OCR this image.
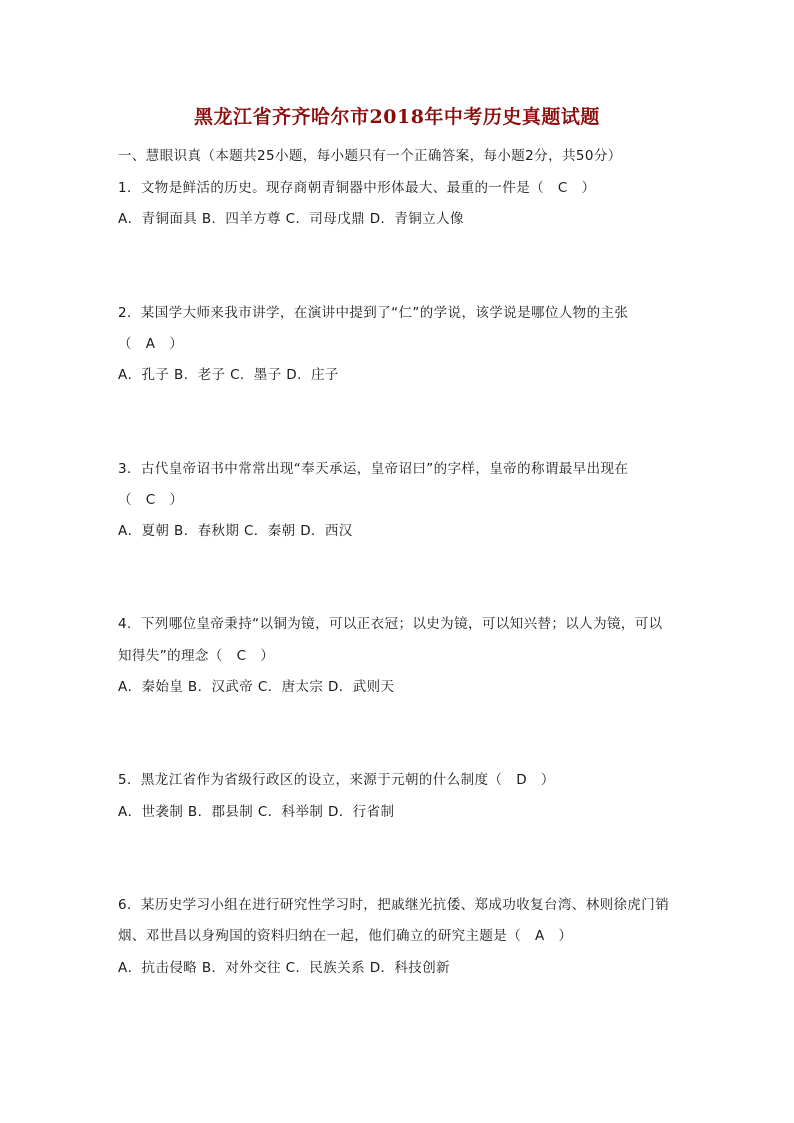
黑龙江省齐齐哈尔市2018年中考历史真题试题
一、慧眼识真（本题共25小题，每小题只有一个正确答案，每小题2分，共50分）
1．文物是鲜活的历史。现存商朝青铜器中形体最大、最重的一件是（　C　）
A．青铜面具 B．四羊方尊 C．司母戊鼎 D．青铜立人像
2．某国学大师来我市讲学，在演讲中提到了“仁”的学说，该学说是哪位人物的主张
（　A　）
A．孔子 B．老子 C．墨子 D．庄子
3．古代皇帝诏书中常常出现“奉天承运，皇帝诏曰”的字样，皇帝的称谓最早出现在
（　C　）
A．夏朝 B．春秋期 C．秦朝 D．西汉
4．下列哪位皇帝秉持“以铜为镜，可以正衣冠；以史为镜，可以知兴替；以人为镜，可以
知得失”的理念（　C　）
A．秦始皇 B．汉武帝 C．唐太宗 D．武则天
5．黑龙江省作为省级行政区的设立，来源于元朝的什么制度（　D　）
A．世袭制 B．郡县制 C．科举制 D．行省制
6．某历史学习小组在进行研究性学习时，把戚继光抗倭、郑成功收复台湾、林则徐虎门销
烟、邓世昌以身殉国的资料归纳在一起，他们确立的研究主题是（　A　）
A．抗击侵略 B．对外交往 C．民族关系 D．科技创新
